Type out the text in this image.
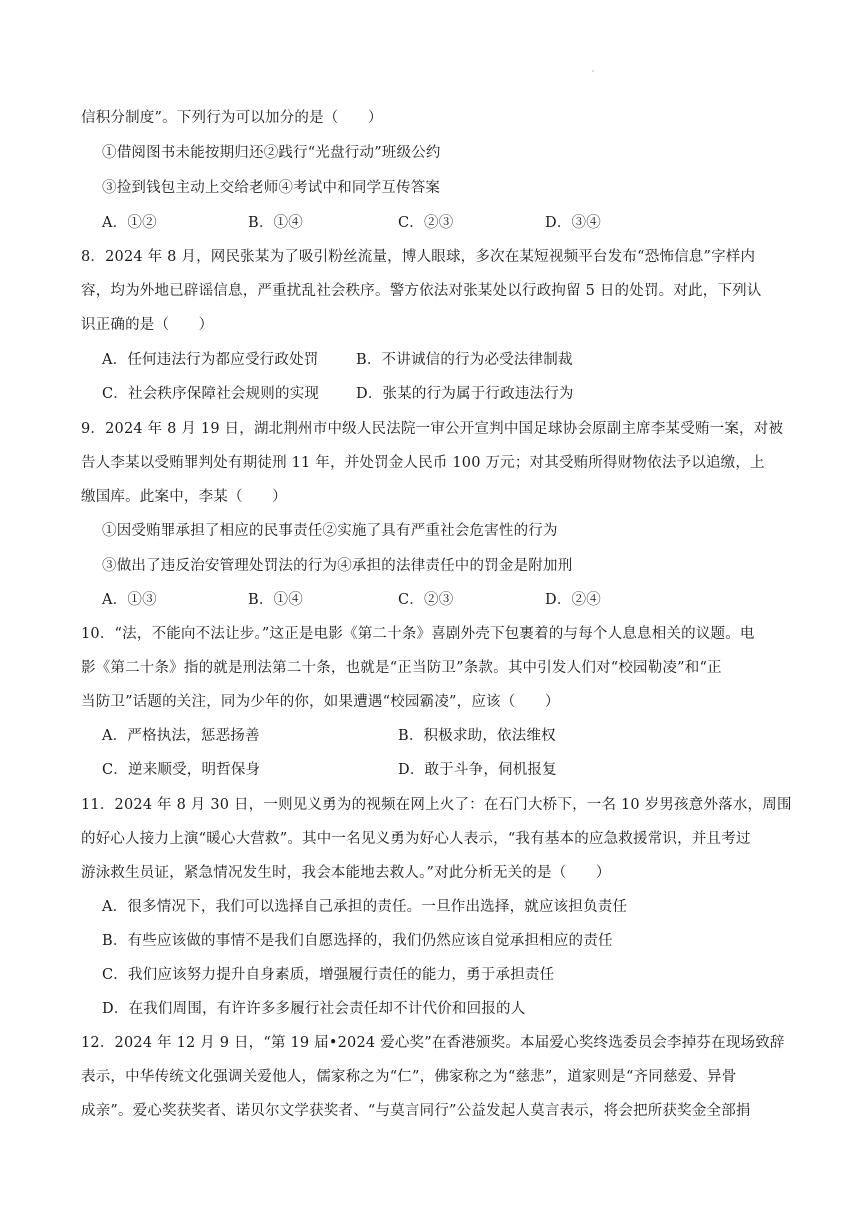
信积分制度”。下列行为可以加分的是（　　）
①借阅图书未能按期归还②践行“光盘行动”班级公约
③捡到钱包主动上交给老师④考试中和同学互传答案
A．①②	B．①④	C．②③	D．③④
8．2024 年 8 月，网民张某为了吸引粉丝流量，博人眼球，多次在某短视频平台发布“恐怖信息”字样内
容，均为外地已辟谣信息，严重扰乱社会秩序。警方依法对张某处以行政拘留 5 日的处罚。对此，下列认
识正确的是（　　）
A．任何违法行为都应受行政处罚	B．不讲诚信的行为必受法律制裁
C．社会秩序保障社会规则的实现	D．张某的行为属于行政违法行为
9．2024 年 8 月 19 日，湖北荆州市中级人民法院一审公开宣判中国足球协会原副主席李某受贿一案，对被
告人李某以受贿罪判处有期徒刑 11 年，并处罚金人民币 100 万元；对其受贿所得财物依法予以追缴，上
缴国库。此案中，李某（　　）
①因受贿罪承担了相应的民事责任②实施了具有严重社会危害性的行为
③做出了违反治安管理处罚法的行为④承担的法律责任中的罚金是附加刑
A．①③	B．①④	C．②③	D．②④
10．“法，不能向不法让步。”这正是电影《第二十条》喜剧外壳下包裹着的与每个人息息相关的议题。电
影《第二十条》指的就是刑法第二十条，也就是“正当防卫”条款。其中引发人们对“校园勒凌”和“正
当防卫”话题的关注，同为少年的你，如果遭遇“校园霸凌”，应该（　　）
A．严格执法，惩恶扬善	B．积极求助，依法维权
C．逆来顺受，明哲保身	D．敢于斗争，伺机报复
11．2024 年 8 月 30 日，一则见义勇为的视频在网上火了：在石门大桥下，一名 10 岁男孩意外落水，周围
的好心人接力上演“暖心大营救”。其中一名见义勇为好心人表示，“我有基本的应急救援常识，并且考过
游泳救生员证，紧急情况发生时，我会本能地去救人。”对此分析无关的是（　　）
A．很多情况下，我们可以选择自己承担的责任。一旦作出选择，就应该担负责任
B．有些应该做的事情不是我们自愿选择的，我们仍然应该自觉承担相应的责任
C．我们应该努力提升自身素质，增强履行责任的能力，勇于承担责任
D．在我们周围，有许许多多履行社会责任却不计代价和回报的人
12．2024 年 12 月 9 日，“第 19 届•2024 爱心奖”在香港颁奖。本届爱心奖终选委员会李掉芬在现场致辞
表示，中华传统文化强调关爱他人，儒家称之为“仁”，佛家称之为“慈悲”，道家则是“齐同慈爱、异骨
成亲”。爱心奖获奖者、诺贝尔文学获奖者、“与莫言同行”公益发起人莫言表示，将会把所获奖金全部捐
